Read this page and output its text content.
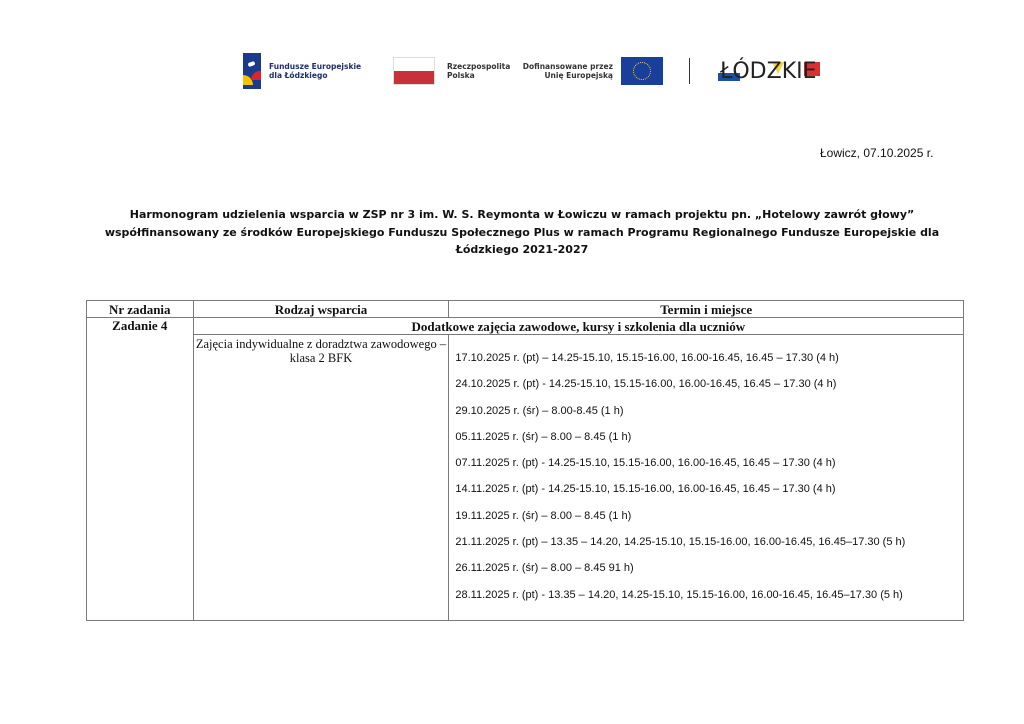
Fundusze Europejskie
dla Łódzkiego
Rzeczpospolita
Polska
Dofinansowane przez
Unię Europejską	ŁÓDZKIE
Łowicz, 07.10.2025 r.
Harmonogram udzielenia wsparcia w ZSP nr 3 im. W. S. Reymonta w Łowiczu w ramach projektu pn. „Hotelowy zawrót głowy”
współfinansowany ze środków Europejskiego Funduszu Społecznego Plus w ramach Programu Regionalnego Fundusze Europejskie dla
Łódzkiego 2021-2027
Nr zadania	Rodzaj wsparcia	Termin i miejsce
Zadanie 4	Dodatkowe zajęcia zawodowe, kursy i szkolenia dla uczniów	
Zajęcia indywidualne z doradztwa zawodowego – klasa 2 BFK	17.10.2025 r. (pt) – 14.25-15.10, 15.15-16.00, 16.00-16.45, 16.45 – 17.30 (4 h)
24.10.2025 r. (pt) - 14.25-15.10, 15.15-16.00, 16.00-16.45, 16.45 – 17.30 (4 h)
29.10.2025 r. (śr) – 8.00-8.45 (1 h)
05.11.2025 r. (śr) – 8.00 – 8.45 (1 h)
07.11.2025 r. (pt) - 14.25-15.10, 15.15-16.00, 16.00-16.45, 16.45 – 17.30 (4 h)
14.11.2025 r. (pt) - 14.25-15.10, 15.15-16.00, 16.00-16.45, 16.45 – 17.30 (4 h)
19.11.2025 r. (śr) – 8.00 – 8.45 (1 h)
21.11.2025 r. (pt) – 13.35 – 14.20, 14.25-15.10, 15.15-16.00, 16.00-16.45, 16.45–17.30 (5 h)
26.11.2025 r. (śr) – 8.00 – 8.45 91 h)
28.11.2025 r. (pt) - 13.35 – 14.20, 14.25-15.10, 15.15-16.00, 16.00-16.45, 16.45–17.30 (5 h)
